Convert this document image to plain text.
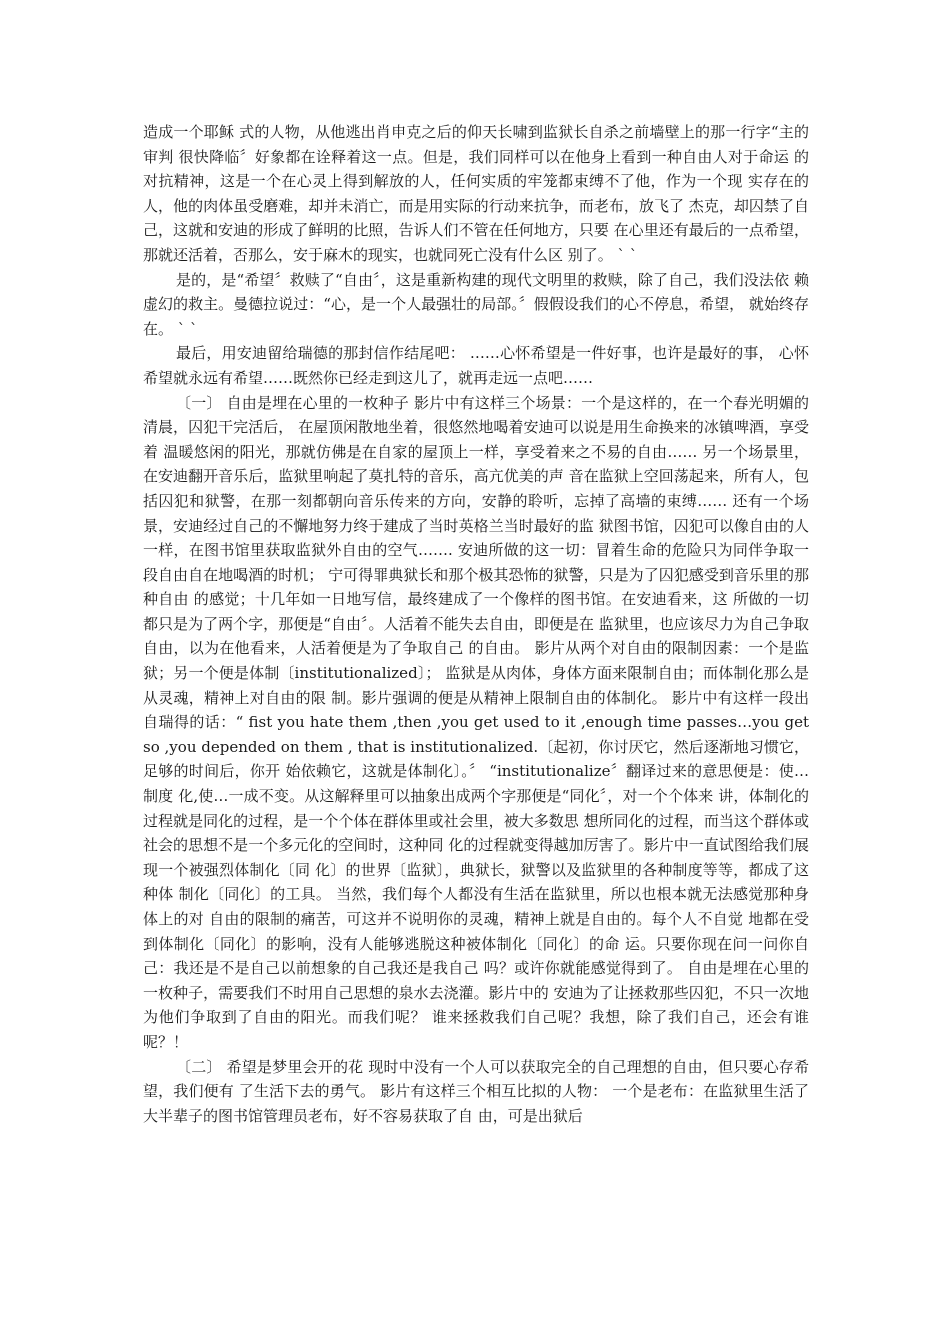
造成一个耶稣 式的人物，从他逃出肖申克之后的仰天长啸到监狱长自杀之前墙壁上的那一行字“主的审判 很快降临〞好象都在诠释着这一点。但是，我们同样可以在他身上看到一种自由人对于命运 的对抗精神，这是一个在心灵上得到解放的人，任何实质的牢笼都束缚不了他，作为一个现 实存在的人，他的肉体虽受磨难，却并未消亡，而是用实际的行动来抗争，而老布，放飞了 杰克，却囚禁了自己，这就和安迪的形成了鲜明的比照，告诉人们不管在任何地方，只要 在心里还有最后的一点希望，那就还活着，否那么，安于麻木的现实，也就同死亡没有什么区 别了。 ` `

是的，是“希望〞救赎了“自由〞，这是重新构建的现代文明里的救赎，除了自己，我们没法依 赖虚幻的救主。曼德拉说过：“心，是一个人最强壮的局部。〞假假设我们的心不停息，希望， 就始终存在。 ` `

最后，用安迪留给瑞德的那封信作结尾吧： ……心怀希望是一件好事，也许是最好的事， 心怀希望就永远有希望……既然你已经走到这儿了，就再走远一点吧……

〔一〕 自由是埋在心里的一枚种子 影片中有这样三个场景：一个是这样的，在一个春光明媚的清晨，囚犯干完活后， 在屋顶闲散地坐着，很悠然地喝着安迪可以说是用生命换来的冰镇啤酒，享受着 温暖悠闲的阳光，那就仿佛是在自家的屋顶上一样，享受着来之不易的自由…… 另一个场景里，在安迪翻开音乐后，监狱里响起了莫扎特的音乐，高亢优美的声 音在监狱上空回荡起来，所有人，包括囚犯和狱警，在那一刻都朝向音乐传来的方向，安静的聆听，忘掉了高墙的束缚…… 还有一个场景，安迪经过自己的不懈地努力终于建成了当时英格兰当时最好的监 狱图书馆，囚犯可以像自由的人一样，在图书馆里获取监狱外自由的空气……. 安迪所做的这一切：冒着生命的危险只为同伴争取一段自由自在地喝酒的时机； 宁可得罪典狱长和那个极其恐怖的狱警，只是为了囚犯感受到音乐里的那种自由 的感觉；十几年如一日地写信，最终建成了一个像样的图书馆。在安迪看来，这 所做的一切都只是为了两个字，那便是“自由〞。人活着不能失去自由，即便是在 监狱里，也应该尽力为自己争取自由，以为在他看来，人活着便是为了争取自己 的自由。 影片从两个对自由的限制因素：一个是监狱；另一个便是体制〔institutionalized〕； 监狱是从肉体，身体方面来限制自由；而体制化那么是从灵魂，精神上对自由的限 制。影片强调的便是从精神上限制自由的体制化。 影片中有这样一段出自瑞得的话：“ fist you hate them ,then ,you get used to it ,enough time passes…you get so ,you depended on them , that is institutionalized.〔起初，你讨厌它，然后逐渐地习惯它，足够的时间后，你开 始依赖它，这就是体制化〕。〞 “institutionalize〞翻译过来的意思便是：使…制度 化,使…一成不变。从这解释里可以抽象出成两个字那便是“同化〞，对一个个体来 讲，体制化的过程就是同化的过程，是一个个体在群体里或社会里，被大多数思 想所同化的过程，而当这个群体或社会的思想不是一个多元化的空间时，这种同 化的过程就变得越加厉害了。影片中一直试图给我们展现一个被强烈体制化〔同 化〕的世界〔监狱〕，典狱长，狱警以及监狱里的各种制度等等，都成了这种体 制化〔同化〕的工具。 当然，我们每个人都没有生活在监狱里，所以也根本就无法感觉那种身体上的对 自由的限制的痛苦，可这并不说明你的灵魂，精神上就是自由的。每个人不自觉 地都在受到体制化〔同化〕的影响，没有人能够逃脱这种被体制化〔同化〕的命 运。只要你现在问一问你自己：我还是不是自己以前想象的自己我还是我自己 吗？或许你就能感觉得到了。 自由是埋在心里的一枚种子，需要我们不时用自己思想的泉水去浇灌。影片中的 安迪为了让拯救那些囚犯，不只一次地为他们争取到了自由的阳光。而我们呢？ 谁来拯救我们自己呢？我想，除了我们自己，还会有谁呢？！

〔二〕 希望是梦里会开的花 现时中没有一个人可以获取完全的自己理想的自由，但只要心存希望，我们便有 了生活下去的勇气。 影片有这样三个相互比拟的人物： 一个是老布：在监狱里生活了大半辈子的图书馆管理员老布，好不容易获取了自 由，可是出狱后
